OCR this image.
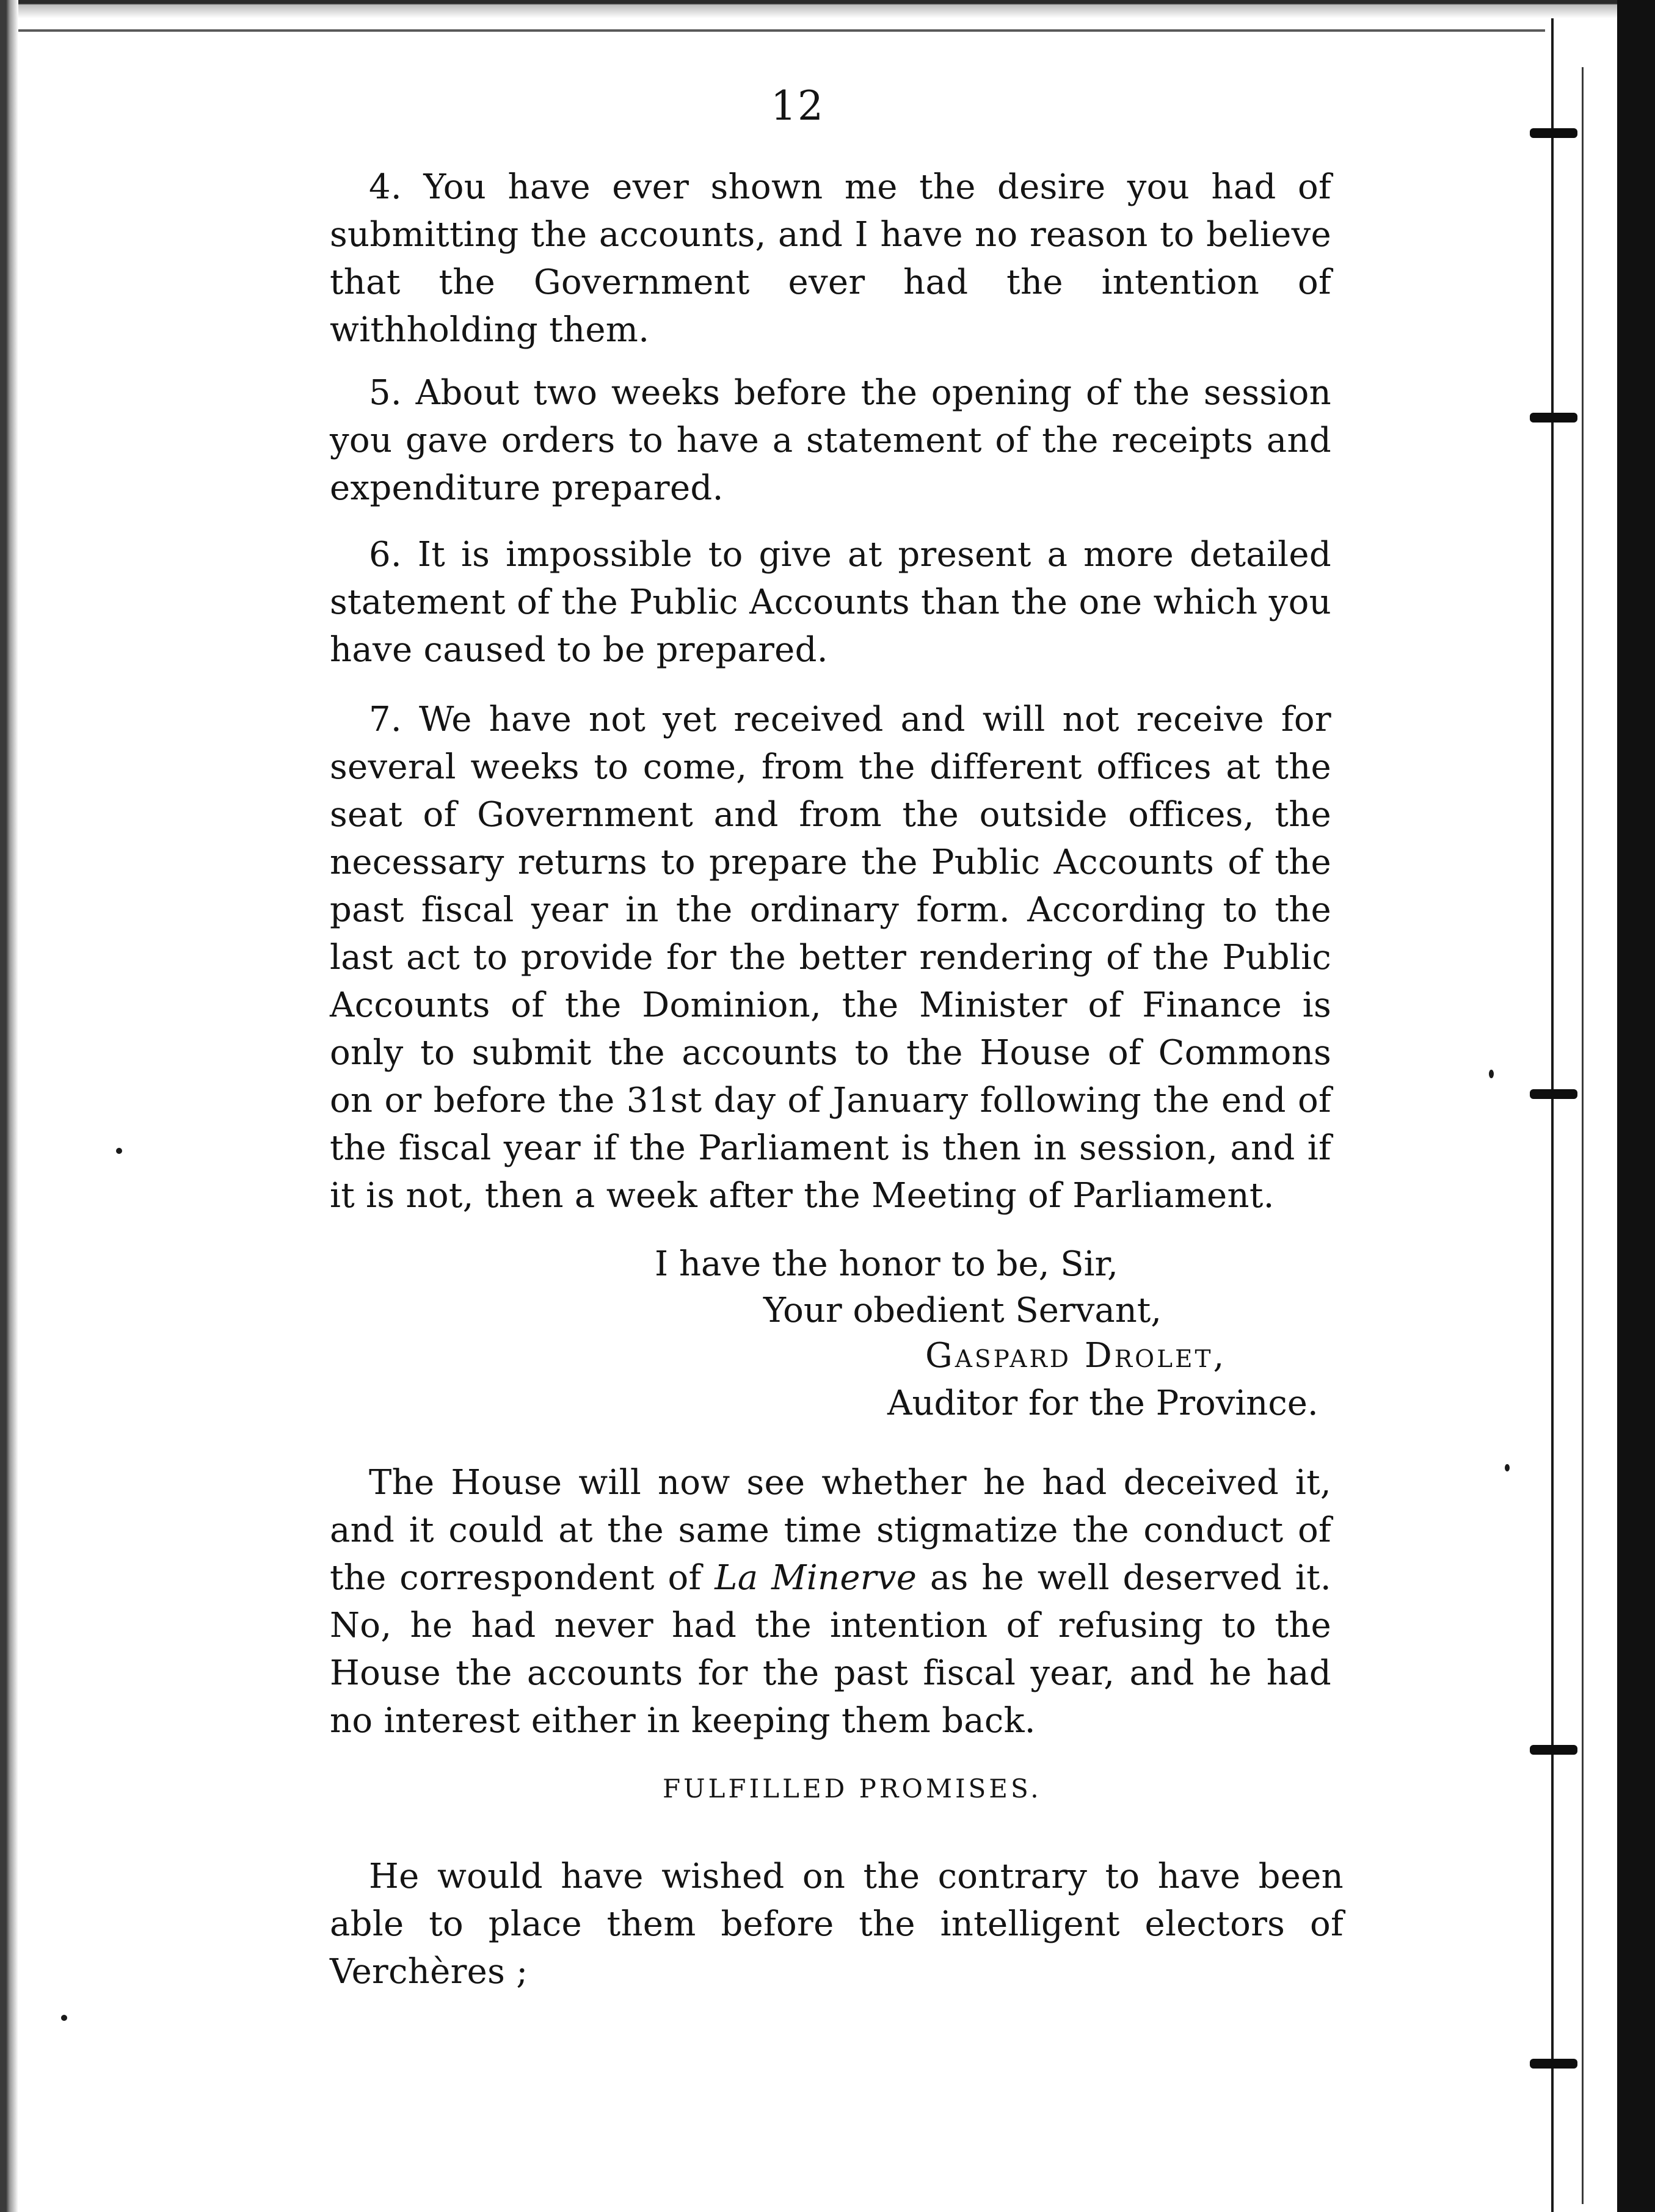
12

4. You have ever shown me the desire you had of submitting the accounts, and I have no reason to believe that the Government ever had the intention of withholding them.

5. About two weeks before the opening of the session you gave orders to have a statement of the receipts and expenditure prepared.

6. It is impossible to give at present a more detailed statement of the Public Accounts than the one which you have caused to be prepared.

7. We have not yet received and will not receive for several weeks to come, from the different offices at the seat of Government and from the outside offices, the necessary returns to prepare the Public Accounts of the past fiscal year in the ordinary form. According to the last act to provide for the better rendering of the Public Accounts of the Dominion, the Minister of Finance is only to submit the accounts to the House of Commons on or before the 31st day of January following the end of the fiscal year if the Parliament is then in session, and if it is not, then a week after the Meeting of Parliament.

I have the honor to be, Sir,
Your obedient Servant,
Gaspard Drolet,
Auditor for the Province.

The House will now see whether he had deceived it, and it could at the same time stigmatize the conduct of the correspondent of La Minerve as he well deserved it. No, he had never had the intention of refusing to the House the accounts for the past fiscal year, and he had no interest either in keeping them back.

FULFILLED PROMISES.

He would have wished on the contrary to have been able to place them before the intelligent electors of Verchères ;
